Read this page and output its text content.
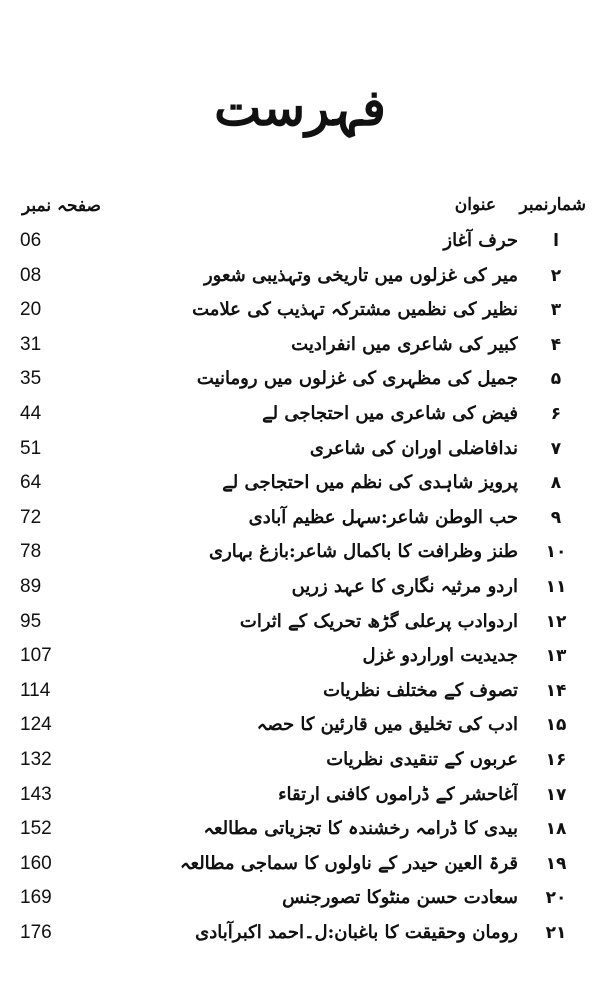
فہرست
شمارنمبر
عنوان
صفحہ نمبر
ا
حرف آغاز
06
۲
میر کی غزلوں میں تاریخی وتہذیبی شعور
08
۳
نظیر کی نظمیں مشترکہ تہذیب کی علامت
20
۴
کبیر کی شاعری میں انفرادیت
31
۵
جمیل کی مظہری کی غزلوں میں رومانیت
35
۶
فیض کی شاعری میں احتجاجی لے
44
۷
ندافاضلی اوران کی شاعری
51
۸
پرویز شاہدی کی نظم میں احتجاجی لے
64
۹
حب الوطن شاعر:سہل عظیم آبادی
72
۱۰
طنز وظرافت کا باکمال شاعر:بازغ بہاری
78
۱۱
اردو مرثیہ نگاری کا عہد زریں
89
۱۲
اردوادب پرعلی گڑھ تحریک کے اثرات
95
۱۳
جدیدیت اوراردو غزل
107
۱۴
تصوف کے مختلف نظریات
114
۱۵
ادب کی تخلیق میں قارئین کا حصہ
124
۱۶
عربوں کے تنقیدی نظریات
132
۱۷
آغاحشر کے ڈراموں کافنی ارتقاء
143
۱۸
بیدی کا ڈرامہ رخشندہ کا تجزیاتی مطالعہ
152
۱۹
قرۃ العین حیدر کے ناولوں کا سماجی مطالعہ
160
۲۰
سعادت حسن منٹوکا تصورجنس
169
۲۱
رومان وحقیقت کا باغبان:ل۔احمد اکبرآبادی
176
